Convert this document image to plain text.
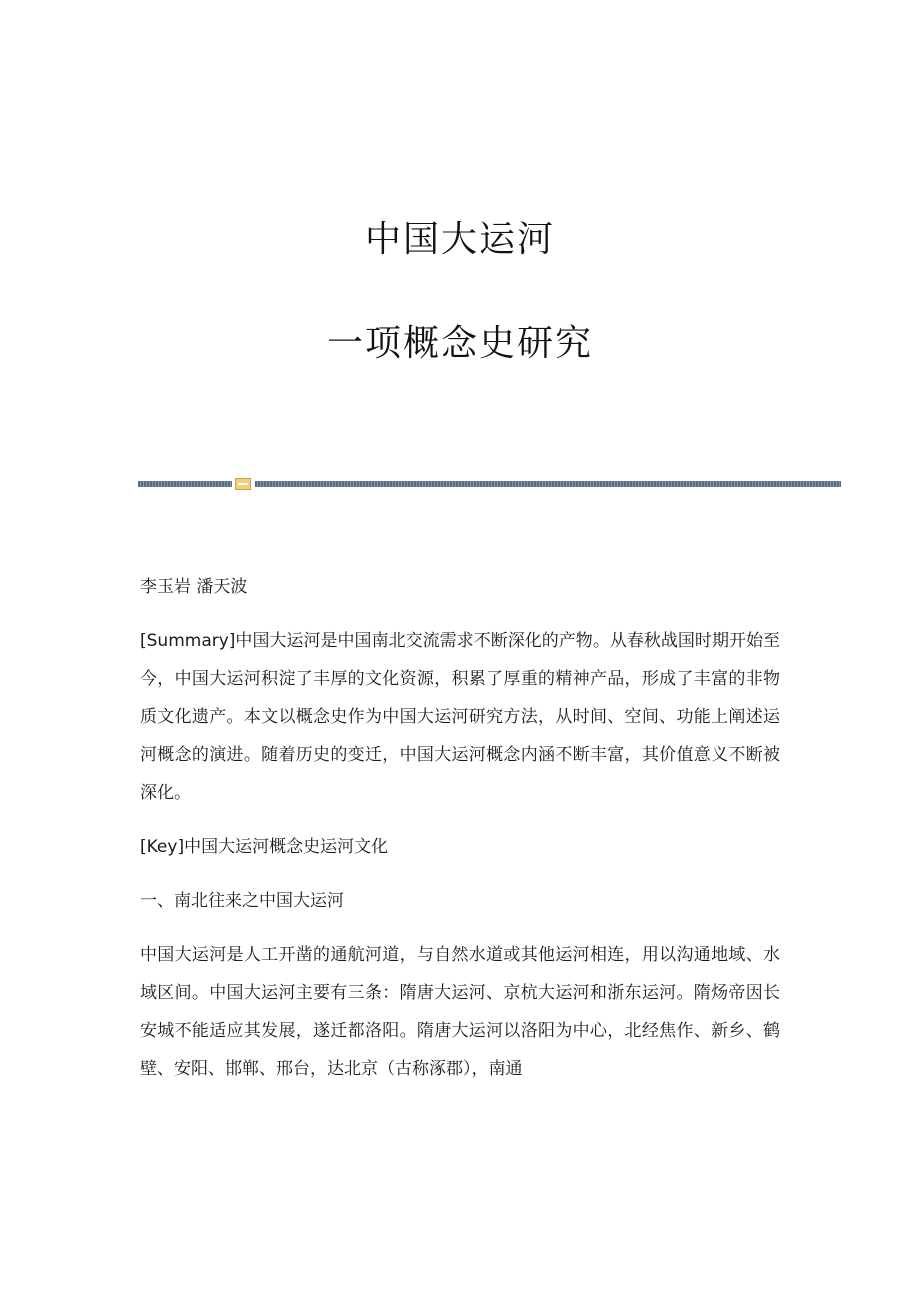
中国大运河
一项概念史研究

李玉岩 潘天波

[Summary]中国大运河是中国南北交流需求不断深化的产物。从春秋战国时期开始至今，中国大运河积淀了丰厚的文化资源，积累了厚重的精神产品，形成了丰富的非物质文化遗产。本文以概念史作为中国大运河研究方法，从时间、空间、功能上阐述运河概念的演进。随着历史的变迁，中国大运河概念内涵不断丰富，其价值意义不断被深化。

[Key]中国大运河概念史运河文化

一、南北往来之中国大运河

中国大运河是人工开凿的通航河道，与自然水道或其他运河相连，用以沟通地域、水域区间。中国大运河主要有三条：隋唐大运河、京杭大运河和浙东运河。隋炀帝因长安城不能适应其发展，遂迁都洛阳。隋唐大运河以洛阳为中心，北经焦作、新乡、鹤壁、安阳、邯郸、邢台，达北京（古称涿郡），南通
